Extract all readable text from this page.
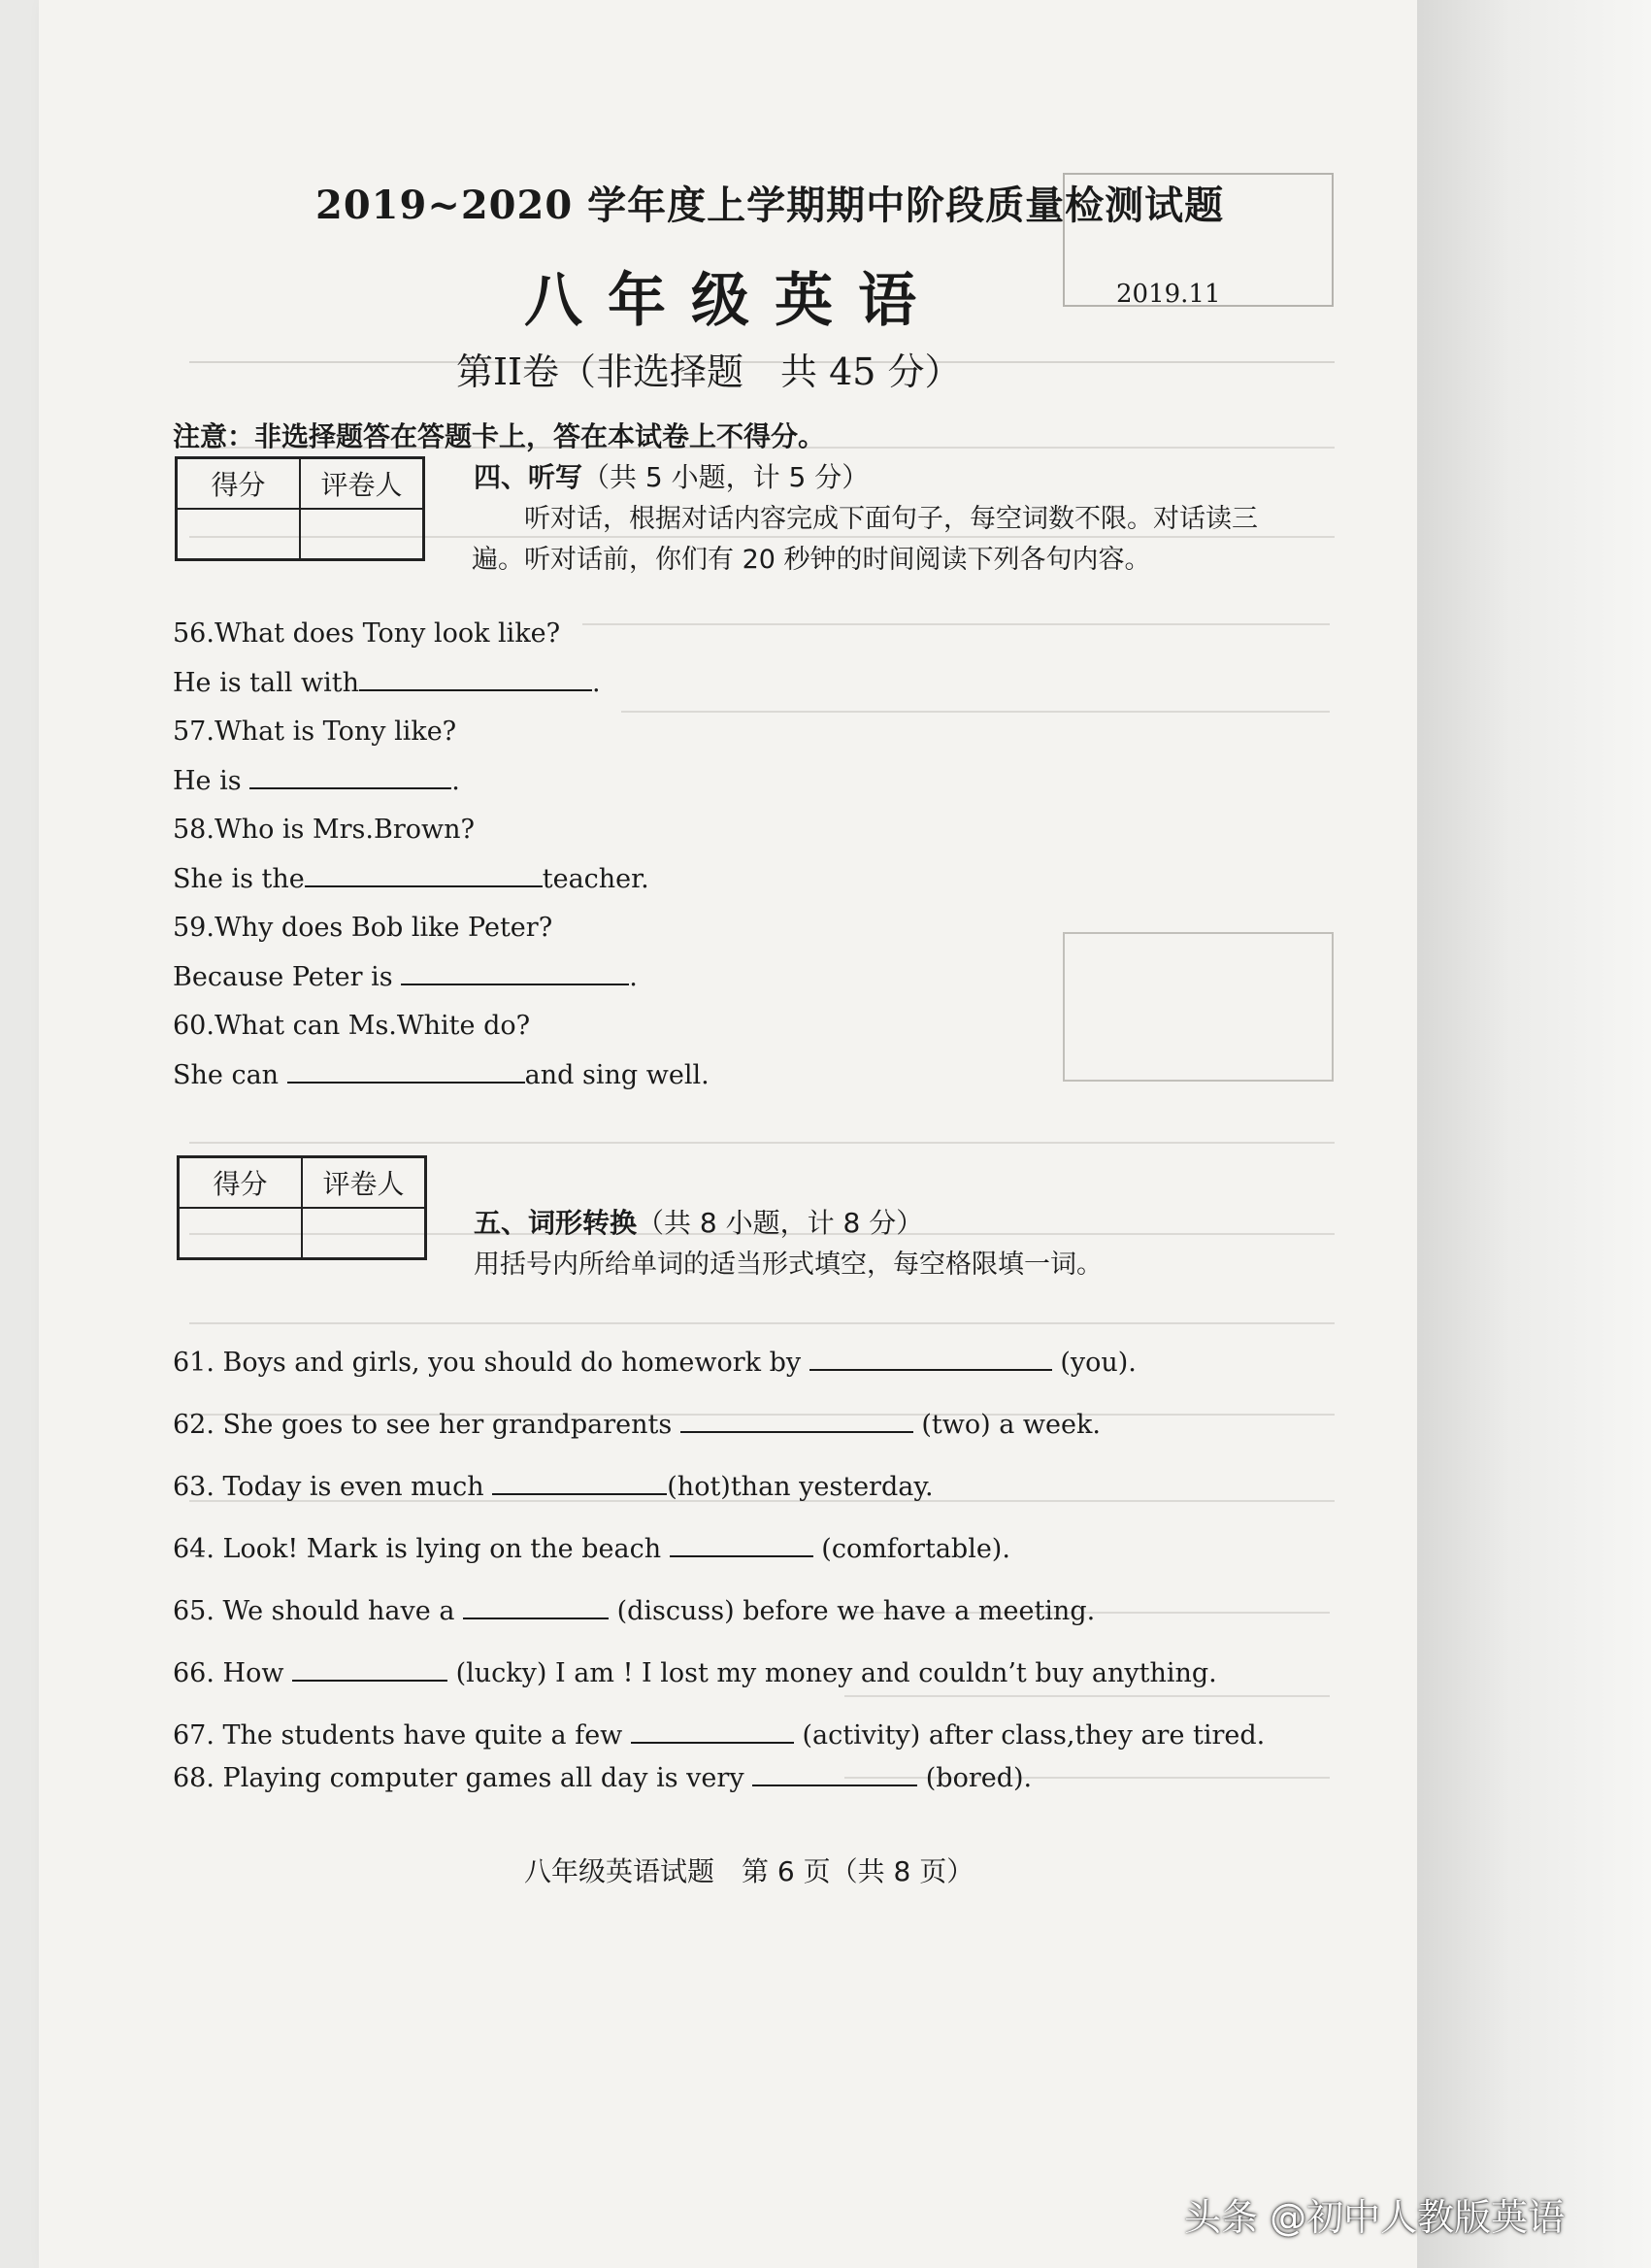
2019~2020 学年度上学期期中阶段质量检测试题
八年级英语	2019.11
第II卷（非选择题　共 45 分）
注意：非选择题答在答题卡上，答在本试卷上不得分。
得分	评卷人
		四、听写（共 5 小题，计 5 分）
听对话，根据对话内容完成下面句子，每空词数不限。对话读三
遍。听对话前，你们有 20 秒钟的时间阅读下列各句内容。
56.What does Tony look like?
He is tall with	.
57.What is Tony like?
He is	.
58.Who is Mrs.Brown?
She is the	teacher.
59.Why does Bob like Peter?
Because Peter is	.
60.What can Ms.White do?
She can	and sing well.
得分	评卷人

五、词形转换（共 8 小题，计 8 分）
用括号内所给单词的适当形式填空，每空格限填一词。
61. Boys and girls, you should do homework by	(you).
62. She goes to see her grandparents	(two) a week.
63. Today is even much	(hot)than yesterday.
64. Look! Mark is lying on the beach	(comfortable).
65. We should have a	(discuss) before we have a meeting.
66. How	(lucky) I am ! I lost my money and couldn’t buy anything.
67. The students have quite a few	(activity) after class,they are tired.
68. Playing computer games all day is very	(bored).
八年级英语试题　第 6 页（共 8 页）
头条 @初中人教版英语
